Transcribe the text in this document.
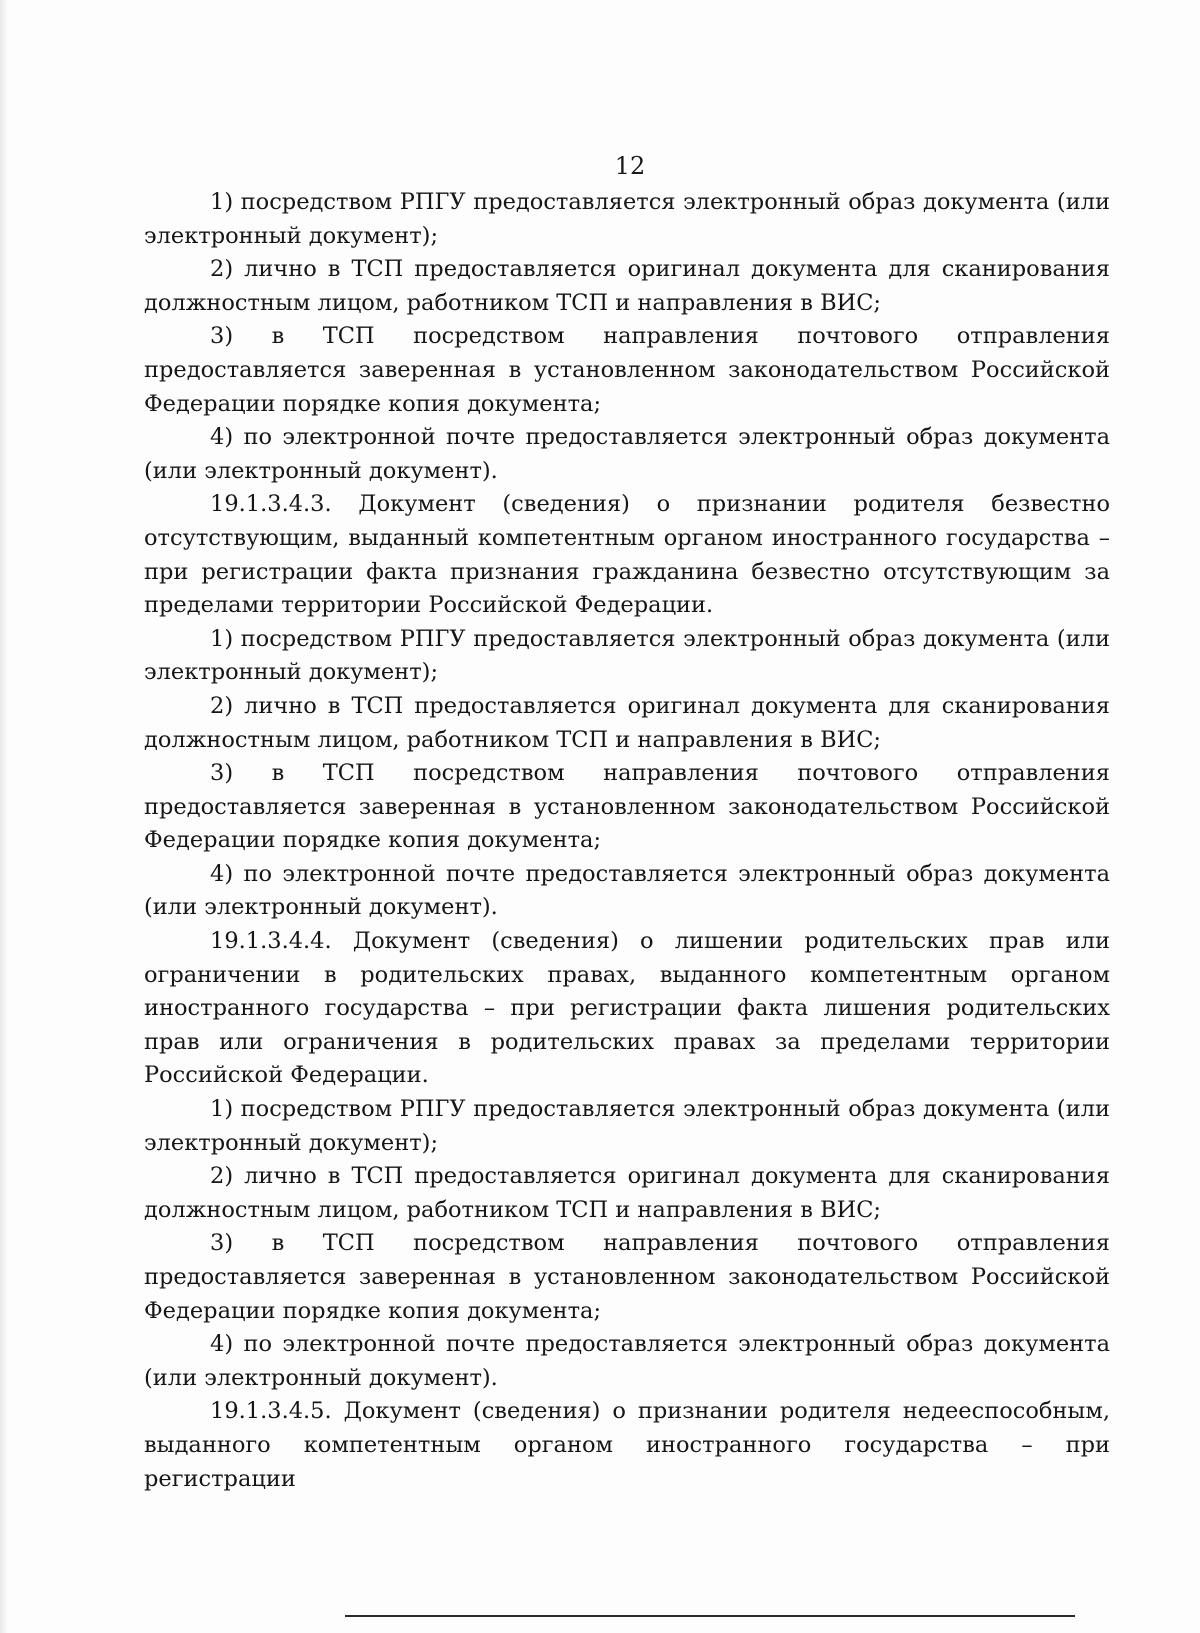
12

1) посредством РПГУ предоставляется электронный образ документа (или электронный документ);

2) лично в ТСП предоставляется оригинал документа для сканирования должностным лицом, работником ТСП и направления в ВИС;

3) в ТСП посредством направления почтового отправления предоставляется заверенная в установленном законодательством Российской Федерации порядке копия документа;

4) по электронной почте предоставляется электронный образ документа (или электронный документ).

19.1.3.4.3. Документ (сведения) о признании родителя безвестно отсутствующим, выданный компетентным органом иностранного государства – при регистрации факта признания гражданина безвестно отсутствующим за пределами территории Российской Федерации.

1) посредством РПГУ предоставляется электронный образ документа (или электронный документ);

2) лично в ТСП предоставляется оригинал документа для сканирования должностным лицом, работником ТСП и направления в ВИС;

3) в ТСП посредством направления почтового отправления предоставляется заверенная в установленном законодательством Российской Федерации порядке копия документа;

4) по электронной почте предоставляется электронный образ документа (или электронный документ).

19.1.3.4.4. Документ (сведения) о лишении родительских прав или ограничении в родительских правах, выданного компетентным органом иностранного государства – при регистрации факта лишения родительских прав или ограничения в родительских правах за пределами территории Российской Федерации.

1) посредством РПГУ предоставляется электронный образ документа (или электронный документ);

2) лично в ТСП предоставляется оригинал документа для сканирования должностным лицом, работником ТСП и направления в ВИС;

3) в ТСП посредством направления почтового отправления предоставляется заверенная в установленном законодательством Российской Федерации порядке копия документа;

4) по электронной почте предоставляется электронный образ документа (или электронный документ).

19.1.3.4.5. Документ (сведения) о признании родителя недееспособным, выданного компетентным органом иностранного государства – при регистрации
